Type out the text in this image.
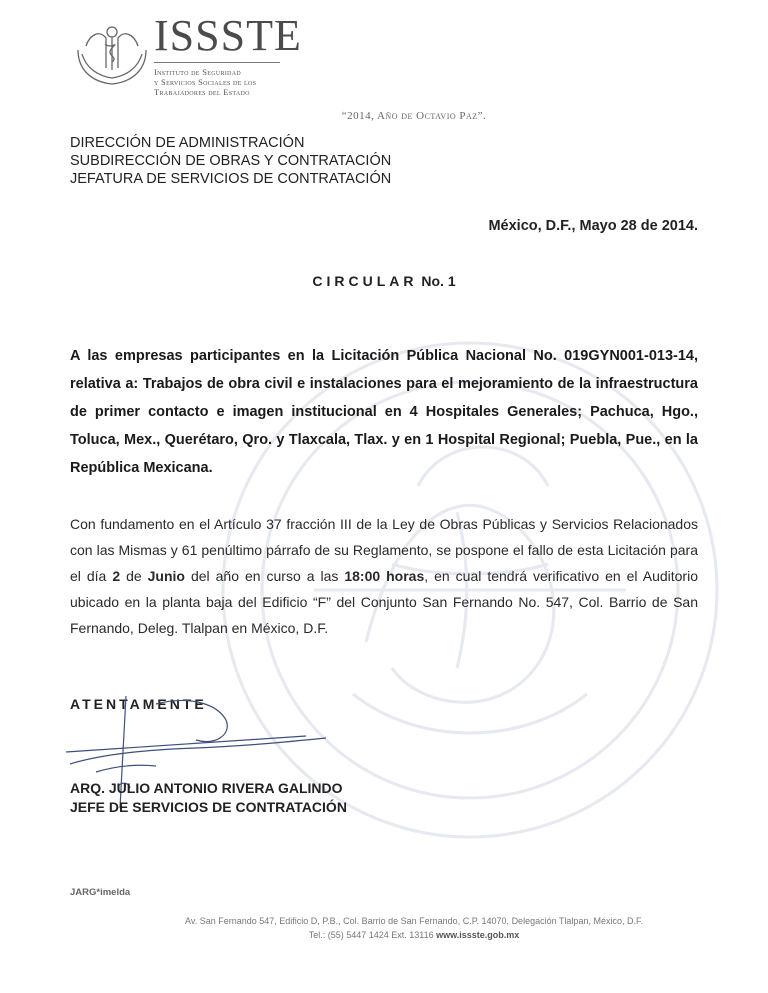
ISSSTE
Instituto de Seguridad
y Servicios Sociales de los
Trabajadores del Estado
“2014, Año de Octavio Paz”.
DIRECCIÓN DE ADMINISTRACIÓN
SUBDIRECCIÓN DE OBRAS Y CONTRATACIÓN
JEFATURA DE SERVICIOS DE CONTRATACIÓN
México, D.F., Mayo 28 de 2014.
CIRCULAR No. 1
A las empresas participantes en la Licitación Pública Nacional No. 019GYN001-013-14, relativa a: Trabajos de obra civil e instalaciones para el mejoramiento de la infraestructura de primer contacto e imagen institucional en 4 Hospitales Generales; Pachuca, Hgo., Toluca, Mex., Querétaro, Qro. y Tlaxcala, Tlax. y en 1 Hospital Regional; Puebla, Pue., en la República Mexicana.
Con fundamento en el Artículo 37 fracción III de la Ley de Obras Públicas y Servicios Relacionados con las Mismas y 61 penúltimo párrafo de su Reglamento, se pospone el fallo de esta Licitación para el día 2 de Junio del año en curso a las 18:00 horas, en cual tendrá verificativo en el Auditorio ubicado en la planta baja del Edificio “F” del Conjunto San Fernando No. 547, Col. Barrio de San Fernando, Deleg. Tlalpan en México, D.F.
ATENTAMENTE
ARQ. JULIO ANTONIO RIVERA GALINDO
JEFE DE SERVICIOS DE CONTRATACIÓN
JARG*imelda
Av. San Fernando 547, Edificio D, P.B., Col. Barrio de San Fernando, C.P. 14070, Delegación Tlalpan, México, D.F.
Tel.: (55) 5447 1424 Ext. 13116 www.issste.gob.mx
